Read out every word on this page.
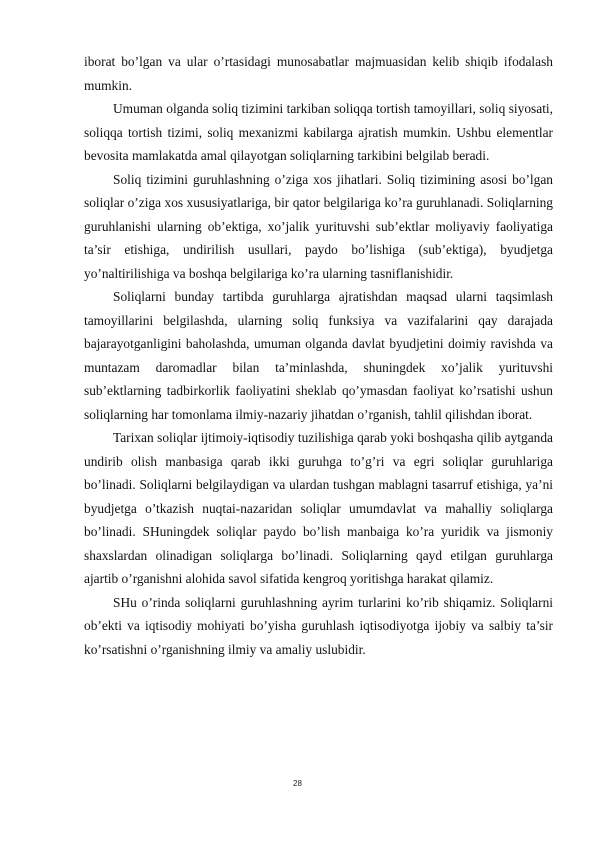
iborat bo’lgan va ular o’rtasidagi munosabatlar majmuasidan kelib shiqib ifodalash mumkin.

Umuman olganda soliq tizimini tarkiban soliqqa tortish tamoyillari, soliq siyosati, soliqqa tortish tizimi, soliq mexanizmi kabilarga ajratish mumkin. Ushbu elementlar bevosita mamlakatda amal qilayotgan soliqlarning tarkibini belgilab beradi.

Soliq tizimini guruhlashning o’ziga xos jihatlari. Soliq tizimining asosi bo’lgan soliqlar o’ziga xos xususiyatlariga, bir qator belgilariga ko’ra guruhlanadi. Soliqlarning guruhlanishi ularning ob’ektiga, xo’jalik yurituvshi sub’ektlar moliyaviy faoliyatiga ta’sir etishiga, undirilish usullari, paydo bo’lishiga (sub’ektiga), byudjetga yo’naltirilishiga va boshqa belgilariga ko’ra ularning tasniflanishidir.

Soliqlarni bunday tartibda guruhlarga ajratishdan maqsad ularni taqsimlash tamoyillarini belgilashda, ularning soliq funksiya va vazifalarini qay darajada bajarayotganligini baholashda, umuman olganda davlat byudjetini doimiy ravishda va muntazam daromadlar bilan ta’minlashda, shuningdek xo’jalik yurituvshi sub’ektlarning tadbirkorlik faoliyatini sheklab qo’ymasdan faoliyat ko’rsatishi ushun soliqlarning har tomonlama ilmiy-nazariy jihatdan o’rganish, tahlil qilishdan iborat.

Tarixan soliqlar ijtimoiy-iqtisodiy tuzilishiga qarab yoki boshqasha qilib aytganda undirib olish manbasiga qarab ikki guruhga to’g’ri va egri soliqlar guruhlariga bo’linadi. Soliqlarni belgilaydigan va ulardan tushgan mablagni tasarruf etishiga, ya’ni byudjetga o’tkazish nuqtai-nazaridan soliqlar umumdavlat va mahalliy soliqlarga bo’linadi. SHuningdek soliqlar paydo bo’lish manbaiga ko’ra yuridik va jismoniy shaxslardan olinadigan soliqlarga bo’linadi. Soliqlarning qayd etilgan guruhlarga ajartib o’rganishni alohida savol sifatida kengroq yoritishga harakat qilamiz.

SHu o’rinda soliqlarni guruhlashning ayrim turlarini ko’rib shiqamiz. Soliqlarni ob’ekti va iqtisodiy mohiyati bo’yisha guruhlash iqtisodiyotga ijobiy va salbiy ta’sir ko’rsatishni o’rganishning ilmiy va amaliy uslubidir.

28
